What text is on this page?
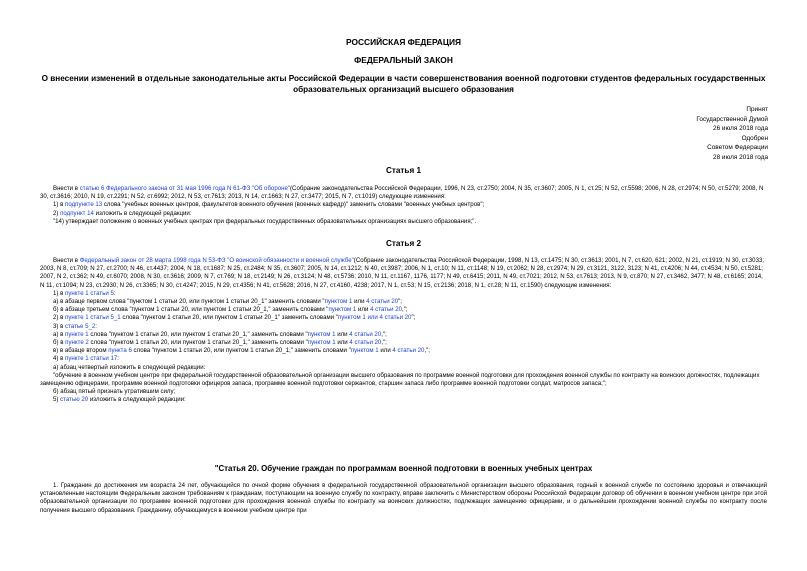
РОССИЙСКАЯ ФЕДЕРАЦИЯ
ФЕДЕРАЛЬНЫЙ ЗАКОН
О внесении изменений в отдельные законодательные акты Российской Федерации в части совершенствования военной подготовки студентов федеральных государственных образовательных организаций высшего образования
Принят
Государственной Думой
26 июля 2018 года
Одобрен
Советом Федерации
28 июля 2018 года
Статья 1

Внести в статью 6 Федерального закона от 31 мая 1996 года N 61-ФЗ "Об обороне"(Собрание законодательства Российской Федерации, 1996, N 23, ст.2750; 2004, N 35, ст.3607; 2005, N 1, ст.25; N 52, ст.5598; 2006, N 28, ст.2974; N 50, ст.5279; 2008, N 30, ст.3616; 2010, N 19, ст.2291; N 52, ст.6992; 2012, N 53, ст.7613; 2013, N 14, ст.1663; N 27, ст.3477; 2015, N 7, ст.1019) следующие изменения:

1) в подпункте 13 слова "учебных военных центров, факультетов военного обучения (военных кафедр)" заменить словами "военных учебных центров";

2) подпункт 14 изложить в следующей редакции:

"14) утверждает положение о военных учебных центрах при федеральных государственных образовательных организациях высшего образования;".

Статья 2

Внести в Федеральный закон от 28 марта 1998 года N 53-ФЗ "О воинской обязанности и военной службе"(Собрание законодательства Российской Федерации, 1998, N 13, ст.1475; N 30, ст.3613; 2001, N 7, ст.620, 621; 2002, N 21, ст.1919; N 30, ст.3033; 2003, N 8, ст.709; N 27, ст.2700; N 46, ст.4437; 2004, N 18, ст.1687; N 25, ст.2484; N 35, ст.3607; 2005, N 14, ст.1212; N 40, ст.3987; 2006, N 1, ст.10; N 11, ст.1148; N 19, ст.2062; N 28, ст.2974; N 29, ст.3121, 3122, 3123; N 41, ст.4206; N 44, ст.4534; N 50, ст.5281; 2007, N 2, ст.362; N 49, ст.6070; 2008, N 30, ст.3616; 2009, N 7, ст.769; N 18, ст.2149; N 26, ст.3124; N 48, ст.5736; 2010, N 11, ст.1167, 1176, 1177; N 49, ст.6415; 2011, N 49, ст.7021; 2012, N 53, ст.7613; 2013, N 9, ст.870; N 27, ст.3462, 3477; N 48, ст.6165; 2014, N 11, ст.1094; N 23, ст.2930; N 26, ст.3365; N 30, ст.4247; 2015, N 29, ст.4356; N 41, ст.5628; 2016, N 27, ст.4160, 4238; 2017, N 1, ст.53; N 15, ст.2136; 2018, N 1, ст.28; N 11, ст.1590) следующие изменения:

1) в пункте 1 статьи 5:

а) в абзаце первом слова "пунктом 1 статьи 20, или пунктом 1 статьи 20_1" заменить словами "пунктом 1 или 4 статьи 20";

б) в абзаце третьем слова "пунктом 1 статьи 20, или пунктом 1 статьи 20_1," заменить словами "пунктом 1 или 4 статьи 20,";

2) в пункте 1 статьи 5_1 слова "пунктом 1 статьи 20, или пунктом 1 статьи 20_1" заменить словами "пунктом 1 или 4 статьи 20";

3) в статье 5_2:

а) в пункте 1 слова "пунктом 1 статьи 20, или пунктом 1 статьи 20_1," заменить словами "пунктом 1 или 4 статьи 20,";

б) в пункте 2 слова "пунктом 1 статьи 20, или пунктом 1 статьи 20_1," заменить словами "пунктом 1 или 4 статьи 20,";

в) в абзаце втором пункта 6 слова "пунктом 1 статьи 20, или пунктом 1 статьи 20_1," заменить словами "пунктом 1 или 4 статьи 20,";

4) в пункте 1 статьи 17:

а) абзац четвертый изложить в следующей редакции:

"обучение в военном учебном центре при федеральной государственной образовательной организации высшего образования по программе военной подготовки для прохождения военной службы по контракту на воинских должностях, подлежащих замещению офицерами, программе военной подготовки офицеров запаса, программе военной подготовки сержантов, старшин запаса либо программе военной подготовки солдат, матросов запаса;";

б) абзац пятый признать утратившим силу;

5) статью 20 изложить в следующей редакции:

"Статья 20. Обучение граждан по программам военной подготовки в военных учебных центрах

1. Гражданин до достижения им возраста 24 лет, обучающийся по очной форме обучения в федеральной государственной образовательной организации высшего образования, годный к военной службе по состоянию здоровья и отвечающий установленным настоящим Федеральным законом требованиям к гражданам, поступающим на военную службу по контракту, вправе заключить с Министерством обороны Российской Федерации договор об обучении в военном учебном центре при этой образовательной организации по программе военной подготовки для прохождения военной службы по контракту на воинских должностях, подлежащих замещению офицерами, и о дальнейшем прохождении военной службы по контракту после получения высшего образования. Гражданину, обучающемуся в военном учебном центре при
